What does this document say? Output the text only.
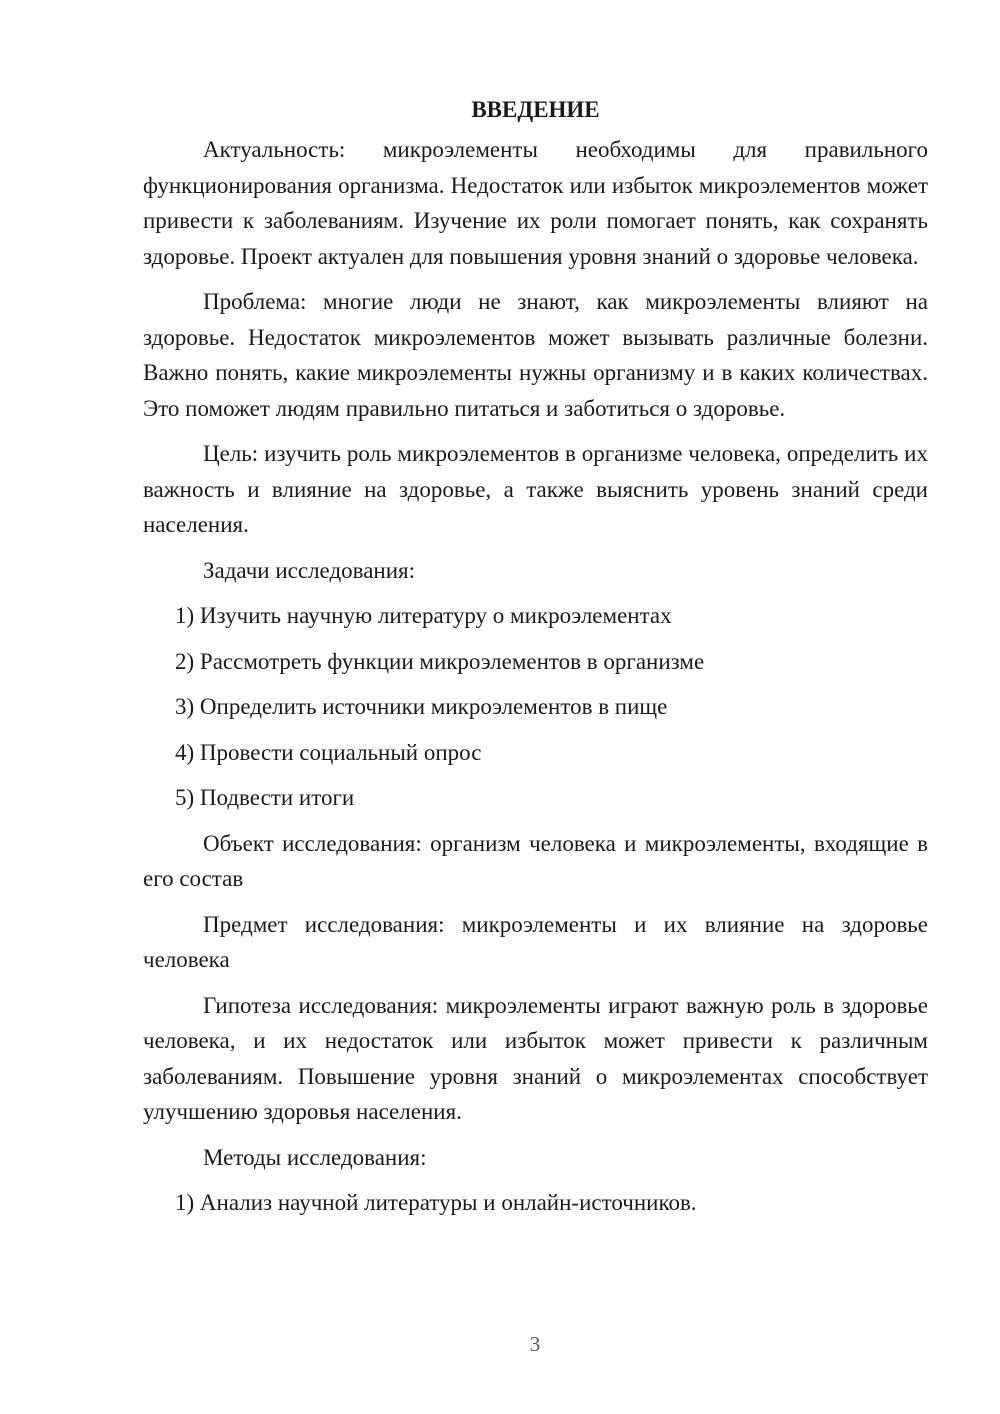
ВВЕДЕНИЕ

Актуальность: микроэлементы необходимы для правильного функционирования организма. Недостаток или избыток микроэлементов может привести к заболеваниям. Изучение их роли помогает понять, как сохранять здоровье. Проект актуален для повышения уровня знаний о здоровье человека.

Проблема: многие люди не знают, как микроэлементы влияют на здоровье. Недостаток микроэлементов может вызывать различные болезни. Важно понять, какие микроэлементы нужны организму и в каких количествах. Это поможет людям правильно питаться и заботиться о здоровье.

Цель: изучить роль микроэлементов в организме человека, определить их важность и влияние на здоровье, а также выяснить уровень знаний среди населения.

Задачи исследования:

1) Изучить научную литературу о микроэлементах
2) Рассмотреть функции микроэлементов в организме
3) Определить источники микроэлементов в пище
4) Провести социальный опрос
5) Подвести итоги

Объект исследования: организм человека и микроэлементы, входящие в его состав

Предмет исследования: микроэлементы и их влияние на здоровье человека

Гипотеза исследования: микроэлементы играют важную роль в здоровье человека, и их недостаток или избыток может привести к различным заболеваниям. Повышение уровня знаний о микроэлементах способствует улучшению здоровья населения.

Методы исследования:

1) Анализ научной литературы и онлайн-источников.
3
